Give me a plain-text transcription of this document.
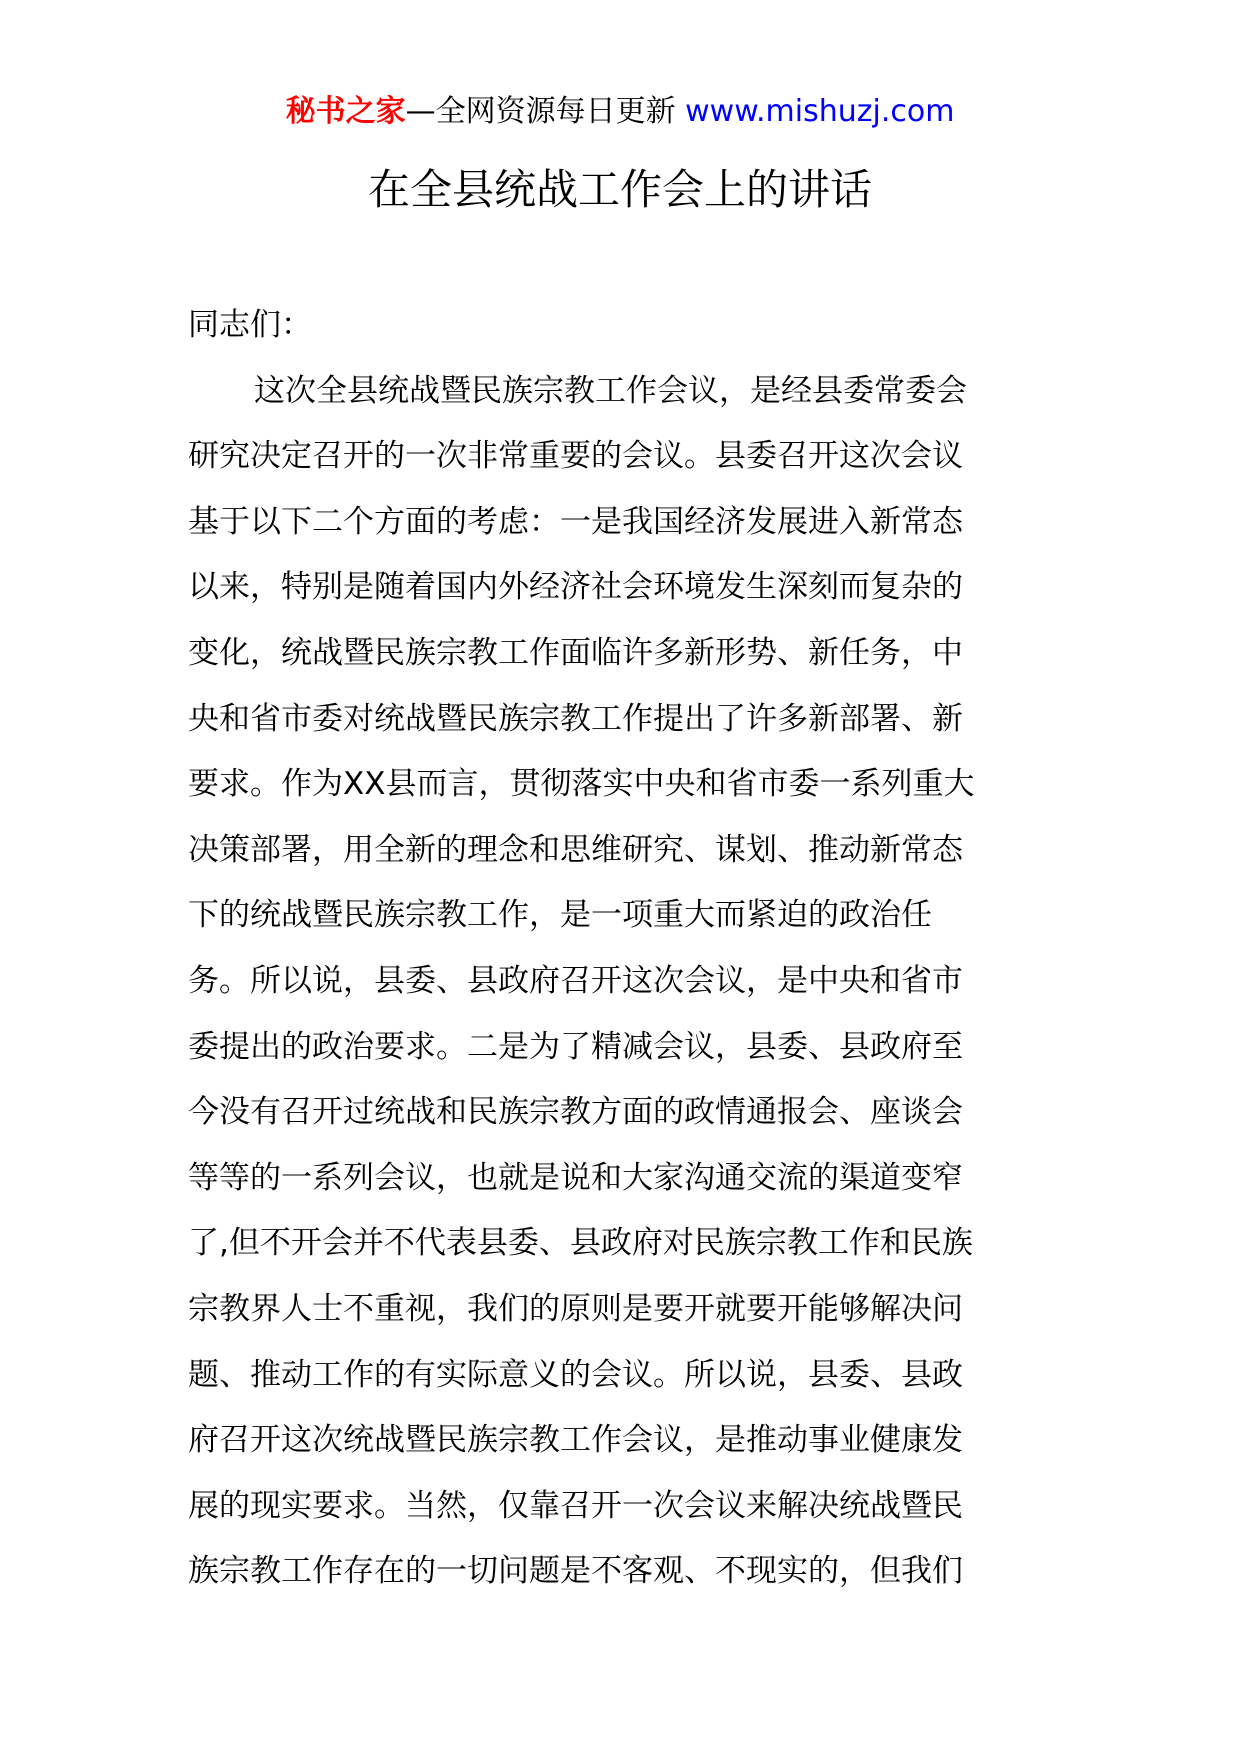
秘书之家—全网资源每日更新 www.mishuzj.com
在全县统战工作会上的讲话
同志们：
这次全县统战暨民族宗教工作会议，是经县委常委会
研究决定召开的一次非常重要的会议。县委召开这次会议
基于以下二个方面的考虑：一是我国经济发展进入新常态
以来，特别是随着国内外经济社会环境发生深刻而复杂的
变化，统战暨民族宗教工作面临许多新形势、新任务，中
央和省市委对统战暨民族宗教工作提出了许多新部署、新
要求。作为XX县而言，贯彻落实中央和省市委一系列重大
决策部署，用全新的理念和思维研究、谋划、推动新常态
下的统战暨民族宗教工作，是一项重大而紧迫的政治任
务。所以说，县委、县政府召开这次会议，是中央和省市
委提出的政治要求。二是为了精减会议，县委、县政府至
今没有召开过统战和民族宗教方面的政情通报会、座谈会
等等的一系列会议，也就是说和大家沟通交流的渠道变窄
了,但不开会并不代表县委、县政府对民族宗教工作和民族
宗教界人士不重视，我们的原则是要开就要开能够解决问
题、推动工作的有实际意义的会议。所以说，县委、县政
府召开这次统战暨民族宗教工作会议，是推动事业健康发
展的现实要求。当然，仅靠召开一次会议来解决统战暨民
族宗教工作存在的一切问题是不客观、不现实的，但我们
